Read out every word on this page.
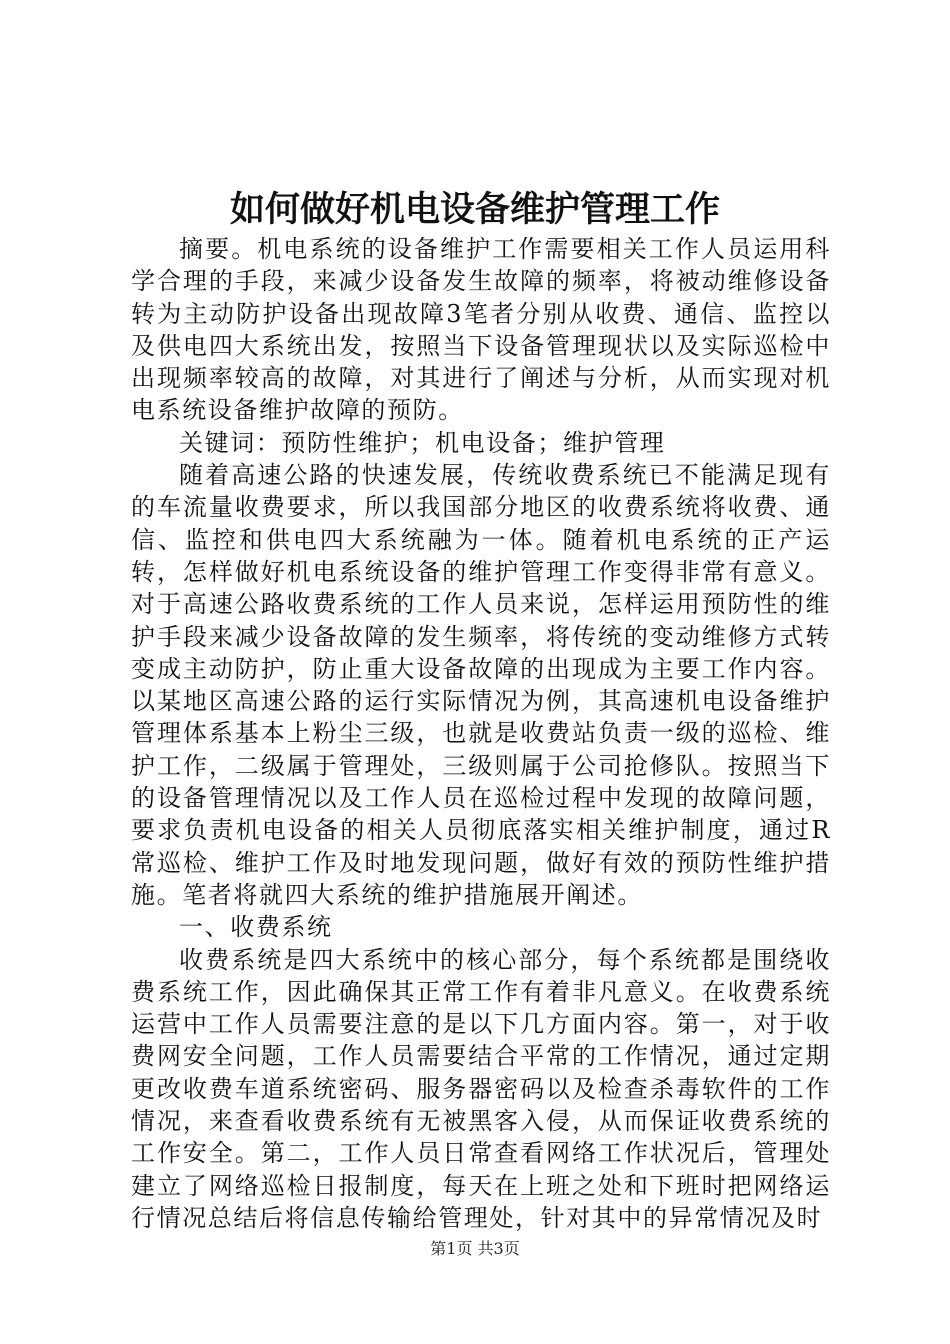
如何做好机电设备维护管理工作

摘要。机电系统的设备维护工作需要相关工作人员运用科学合理的手段，来减少设备发生故障的频率，将被动维修设备转为主动防护设备出现故障3笔者分别从收费、通信、监控以及供电四大系统出发，按照当下设备管理现状以及实际巡检中出现频率较高的故障，对其进行了阐述与分析，从而实现对机电系统设备维护故障的预防。

关键词：预防性维护；机电设备；维护管理

随着高速公路的快速发展，传统收费系统已不能满足现有的车流量收费要求，所以我国部分地区的收费系统将收费、通信、监控和供电四大系统融为一体。随着机电系统的正产运转，怎样做好机电系统设备的维护管理工作变得非常有意义。对于高速公路收费系统的工作人员来说，怎样运用预防性的维护手段来减少设备故障的发生频率，将传统的变动维修方式转变成主动防护，防止重大设备故障的出现成为主要工作内容。以某地区高速公路的运行实际情况为例，其高速机电设备维护管理体系基本上粉尘三级，也就是收费站负责一级的巡检、维护工作，二级属于管理处，三级则属于公司抢修队。按照当下的设备管理情况以及工作人员在巡检过程中发现的故障问题，要求负责机电设备的相关人员彻底落实相关维护制度，通过R常巡检、维护工作及时地发现问题，做好有效的预防性维护措施。笔者将就四大系统的维护措施展开阐述。

一、收费系统

收费系统是四大系统中的核心部分，每个系统都是围绕收费系统工作，因此确保其正常工作有着非凡意义。在收费系统运营中工作人员需要注意的是以下几方面内容。第一，对于收费网安全问题，工作人员需要结合平常的工作情况，通过定期更改收费车道系统密码、服务器密码以及检查杀毒软件的工作情况，来查看收费系统有无被黑客入侵，从而保证收费系统的工作安全。第二，工作人员日常查看网络工作状况后，管理处建立了网络巡检日报制度，每天在上班之处和下班时把网络运行情况总结后将信息传输给管理处，针对其中的异常情况及时

第1页 共3页
